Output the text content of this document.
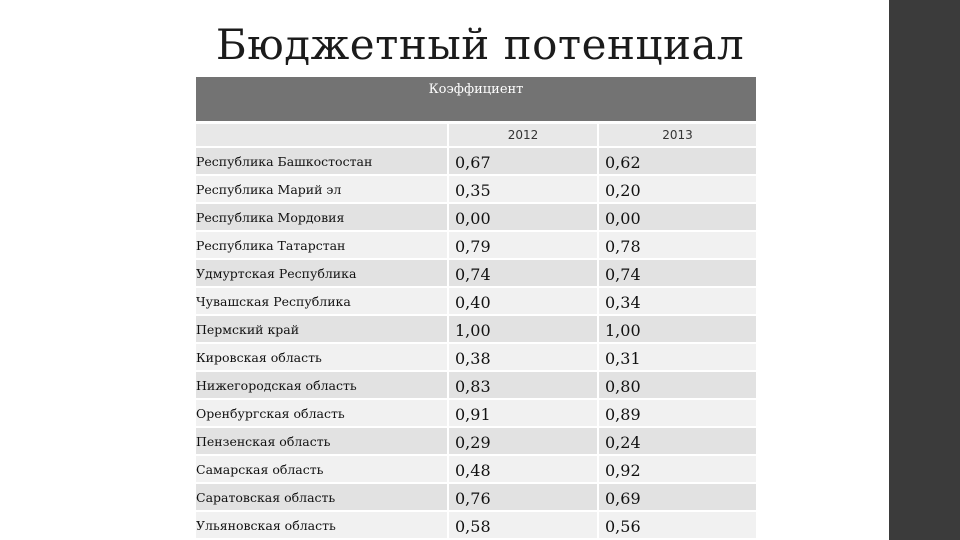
Бюджетный потенциал
Коэффициент
	2012	2013
Республика Башкостостан	0,67	0,62
Республика Марий эл	0,35	0,20
Республика Мордовия	0,00	0,00
Республика Татарстан	0,79	0,78
Удмуртская Республика	0,74	0,74
Чувашская Республика	0,40	0,34
Пермский край	1,00	1,00
Кировская область	0,38	0,31
Нижегородская область	0,83	0,80
Оренбургская область	0,91	0,89
Пензенская область	0,29	0,24
Самарская область	0,48	0,92
Саратовская область	0,76	0,69
Ульяновская область	0,58	0,56
